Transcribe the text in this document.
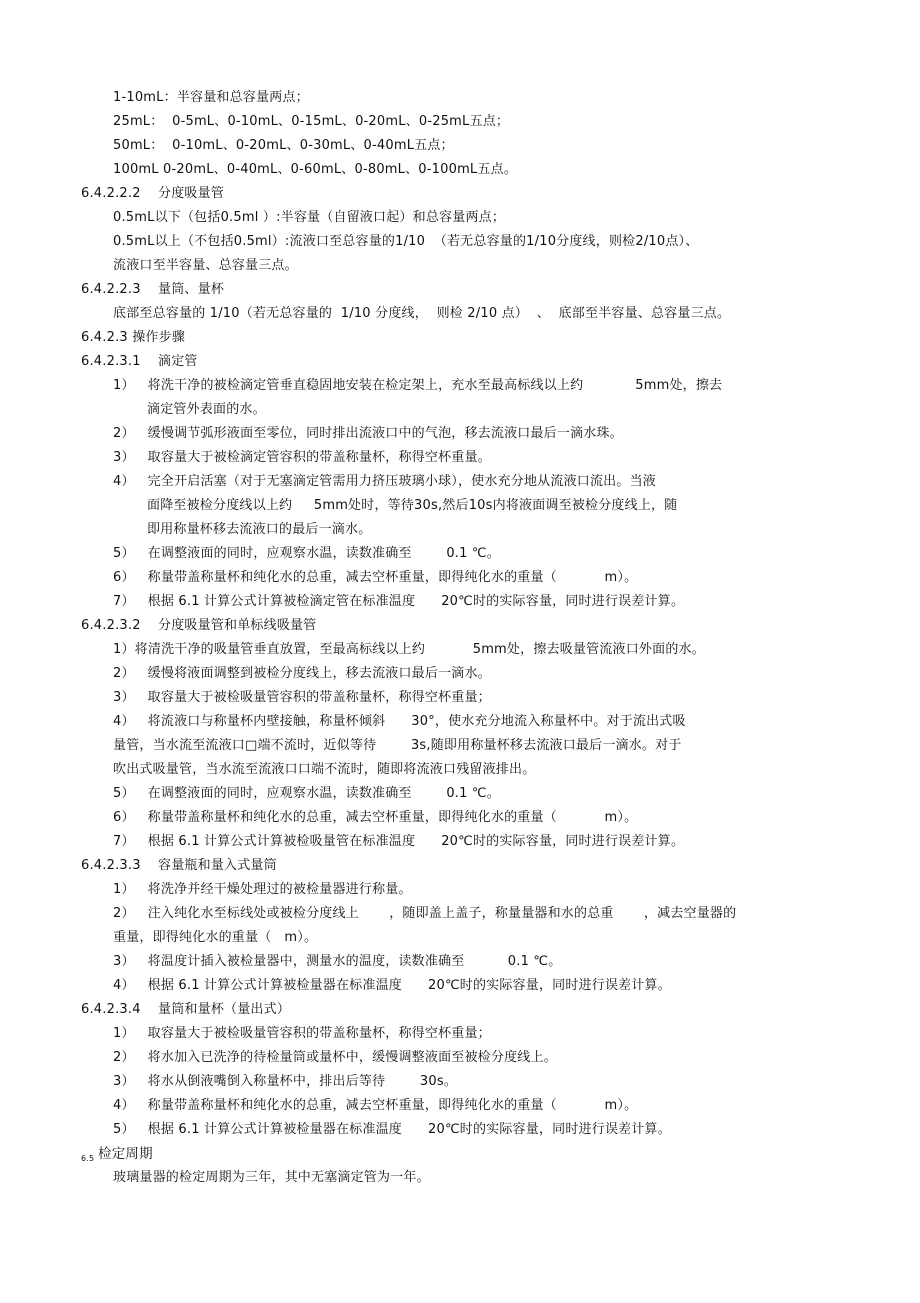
1-10mL：半容量和总容量两点；
25mL：  0-5mL、0-10mL、0-15mL、0-20mL、0-25mL五点；
50mL：  0-10mL、0-20mL、0-30mL、0-40mL五点；
100mL 0-20mL、0-40mL、0-60mL、0-80mL、0-100mL五点。
6.4.2.2.2    分度吸量管
0.5mL以下（包括0.5ml ）:半容量（自留液口起）和总容量两点；
0.5mL以上（不包括0.5ml）:流液口至总容量的1/10  （若无总容量的1/10分度线，则检2/10点）、
流液口至半容量、总容量三点。
6.4.2.2.3    量筒、量杯
底部至总容量的 1/10（若无总容量的  1/10 分度线，  则检 2/10 点）  、  底部至半容量、总容量三点。
6.4.2.3 操作步骤
6.4.2.3.1    滴定管
1）   将洗干净的被检滴定管垂直稳固地安装在检定架上，充水至最高标线以上约            5mm处，擦去
滴定管外表面的水。
2）   缓慢调节弧形液面至零位，同时排出流液口中的气泡，移去流液口最后一滴水珠。
3）   取容量大于被检滴定管容积的带盖称量杯，称得空杯重量。
4）   完全开启活塞（对于无塞滴定管需用力挤压玻璃小球），使水充分地从流液口流出。当液
面降至被检分度线以上约     5mm处时，等待30s,然后10s内将液面调至被检分度线上，随
即用称量杯移去流液口的最后一滴水。
5）   在调整液面的同时，应观察水温，读数准确至        0.1 ℃。
6）   称量带盖称量杯和纯化水的总重，减去空杯重量，即得纯化水的重量（           m）。
7）   根据 6.1 计算公式计算被检滴定管在标准温度      20℃时的实际容量，同时进行误差计算。
6.4.2.3.2    分度吸量管和单标线吸量管
1）将清洗干净的吸量管垂直放置，至最高标线以上约           5mm处，擦去吸量管流液口外面的水。
2）   缓慢将液面调整到被检分度线上，移去流液口最后一滴水。
3）   取容量大于被检吸量管容积的带盖称量杯，称得空杯重量；
4）   将流液口与称量杯内壁接触，称量杯倾斜      30°，使水充分地流入称量杯中。对于流出式吸
量管，当水流至流液口□端不流时，近似等待        3s,随即用称量杯移去流液口最后一滴水。对于
吹出式吸量管，当水流至流液口口端不流时，随即将流液口残留液排出。
5）   在调整液面的同时，应观察水温，读数准确至        0.1 ℃。
6）   称量带盖称量杯和纯化水的总重，减去空杯重量，即得纯化水的重量（           m）。
7）   根据 6.1 计算公式计算被检吸量管在标准温度      20℃时的实际容量，同时进行误差计算。
6.4.2.3.3    容量瓶和量入式量筒
1）   将洗净并经干燥处理过的被检量器进行称量。
2）   注入纯化水至标线处或被检分度线上       ，随即盖上盖子，称量量器和水的总重       ，减去空量器的
重量，即得纯化水的重量（   m）。
3）   将温度计插入被检量器中，测量水的温度，读数准确至          0.1 ℃。
4）   根据 6.1 计算公式计算被检量器在标准温度      20℃时的实际容量，同时进行误差计算。
6.4.2.3.4    量筒和量杯（量出式）
1）   取容量大于被检吸量管容积的带盖称量杯，称得空杯重量；
2）   将水加入已洗净的待检量筒或量杯中，缓慢调整液面至被检分度线上。
3）   将水从倒液嘴倒入称量杯中，排出后等待        30s。
4）   称量带盖称量杯和纯化水的总重，减去空杯重量，即得纯化水的重量（           m）。
5）   根据 6.1 计算公式计算被检量器在标准温度      20℃时的实际容量，同时进行误差计算。
6.5 检定周期
玻璃量器的检定周期为三年，其中无塞滴定管为一年。
